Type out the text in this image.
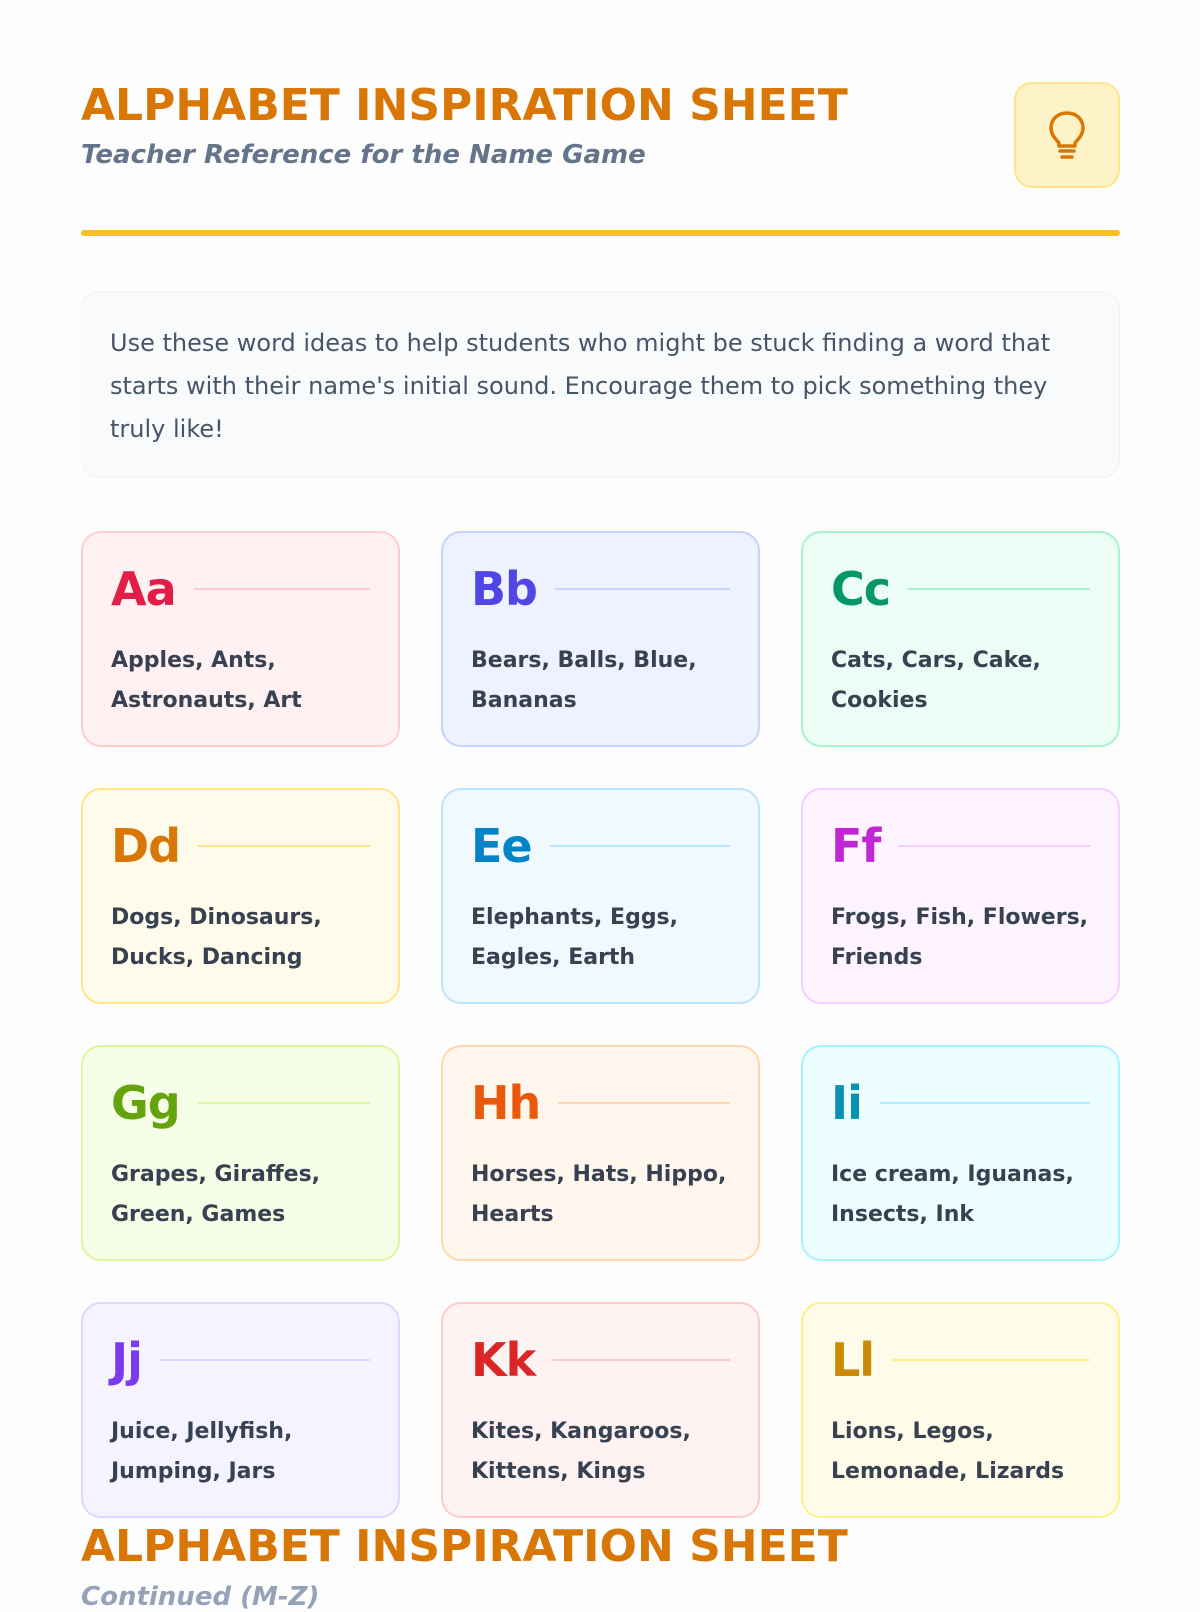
ALPHABET INSPIRATION SHEET
Teacher Reference for the Name Game
Use these word ideas to help students who might be stuck finding a word that starts with their name's initial sound. Encourage them to pick something they truly like!
Aa
Apples, Ants, Astronauts, Art
Bb
Bears, Balls, Blue, Bananas
Cc
Cats, Cars, Cake, Cookies
Dd
Dogs, Dinosaurs, Ducks, Dancing
Ee
Elephants, Eggs, Eagles, Earth
Ff
Frogs, Fish, Flowers, Friends
Gg
Grapes, Giraffes, Green, Games
Hh
Horses, Hats, Hippo, Hearts
Ii
Ice cream, Iguanas, Insects, Ink
Jj
Juice, Jellyfish, Jumping, Jars
Kk
Kites, Kangaroos, Kittens, Kings
Ll
Lions, Legos, Lemonade, Lizards
ALPHABET INSPIRATION SHEET
Continued (M-Z)
